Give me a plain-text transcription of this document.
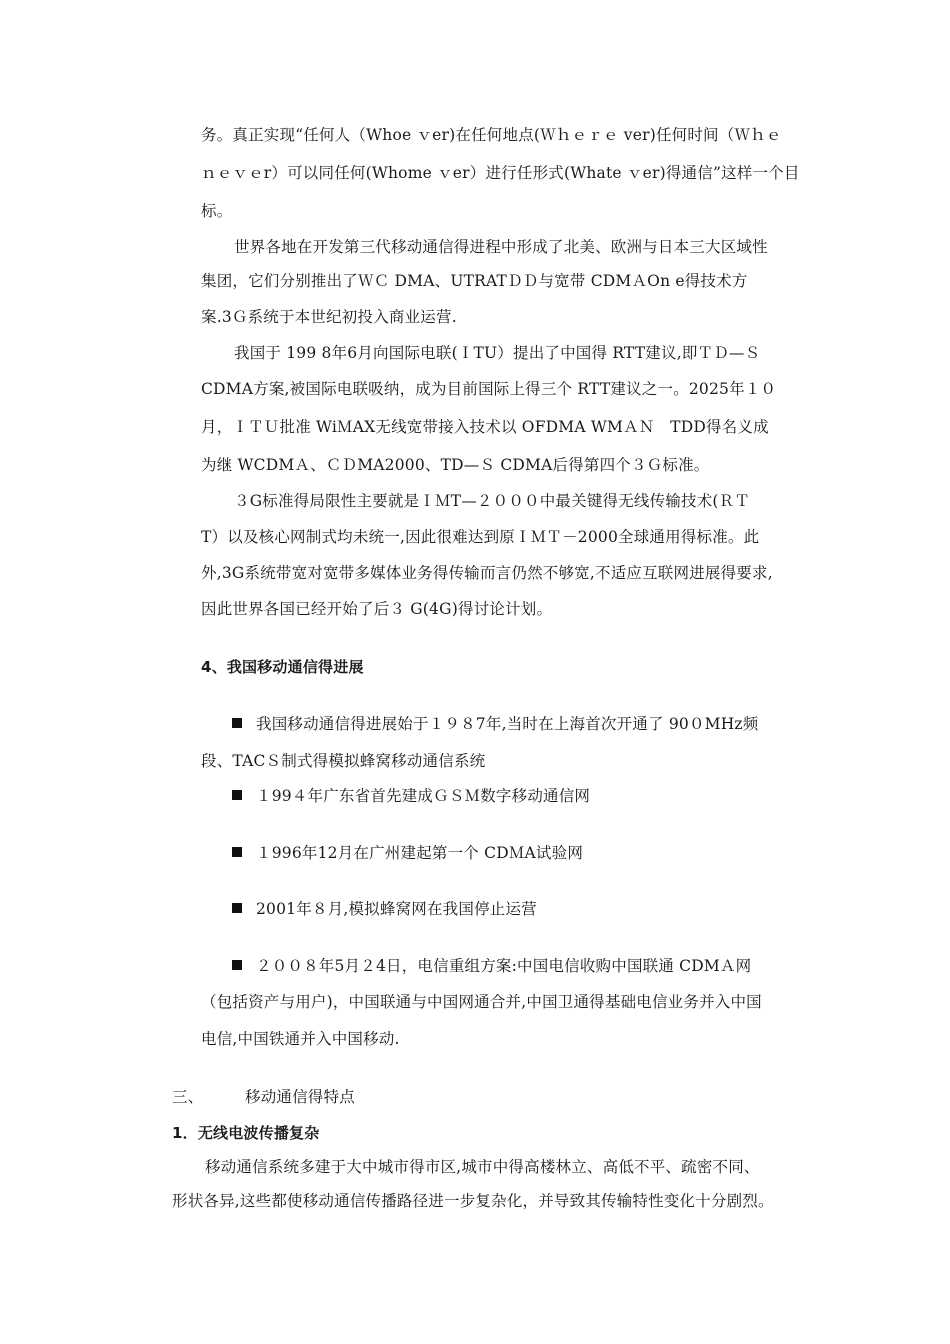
务。真正实现“任何人（Whoe ｖer)在任何地点(Ｗｈｅｒｅ ver)任何时间（Ｗｈｅ
ｎｅｖｅr）可以同任何(Whome ｖer）进行任形式(Whate ｖer)得通信”这样一个目
标。
世界各地在开发第三代移动通信得进程中形成了北美、欧洲与日本三大区域性
集团，它们分别推出了ＷＣ DMA、UTRATＤＤ与宽带 CDMＡOn e得技术方
案.3Ｇ系统于本世纪初投入商业运营.
我国于 199 8年6月向国际电联(ＩTU）提出了中国得 RTT建议,即ＴＤ—Ｓ
CDMA方案,被国际电联吸纳，成为目前国际上得三个 RTT建议之一。2025年１０
月，ＩＴＵ批准 WiＭAX无线宽带接入技术以 OFDMA WMＡＮ　TDD得名义成
为继 WCDMＡ、ＣＤMA2000、TD—Ｓ CDMA后得第四个３Ｇ标准。
３G标准得局限性主要就是ＩＭT—２０００中最关键得无线传输技术(ＲＴ
T）以及核心网制式均未统一,因此很难达到原ＩＭＴ－2000全球通用得标准。此
外,3G系统带宽对宽带多媒体业务得传输而言仍然不够宽,不适应互联网进展得要求,
因此世界各国已经开始了后３ G(4G)得讨论计划。
4、我国移动通信得进展
我国移动通信得进展始于１９８7年,当时在上海首次开通了 90０MHz频
段、TACＳ制式得模拟蜂窝移动通信系统
１99４年广东省首先建成ＧＳＭ数字移动通信网
１996年12月在广州建起第一个 CDＭA试验网
2001年８月,模拟蜂窝网在我国停止运营
２００８年5月２4日，电信重组方案:中国电信收购中国联通 CDMＡ网
（包括资产与用户)，中国联通与中国网通合并,中国卫通得基础电信业务并入中国
电信,中国铁通并入中国移动.
三、	移动通信得特点
1．无线电波传播复杂
移动通信系统多建于大中城市得市区,城市中得高楼林立、高低不平、疏密不同、
形状各异,这些都使移动通信传播路径进一步复杂化，并导致其传输特性变化十分剧烈。
